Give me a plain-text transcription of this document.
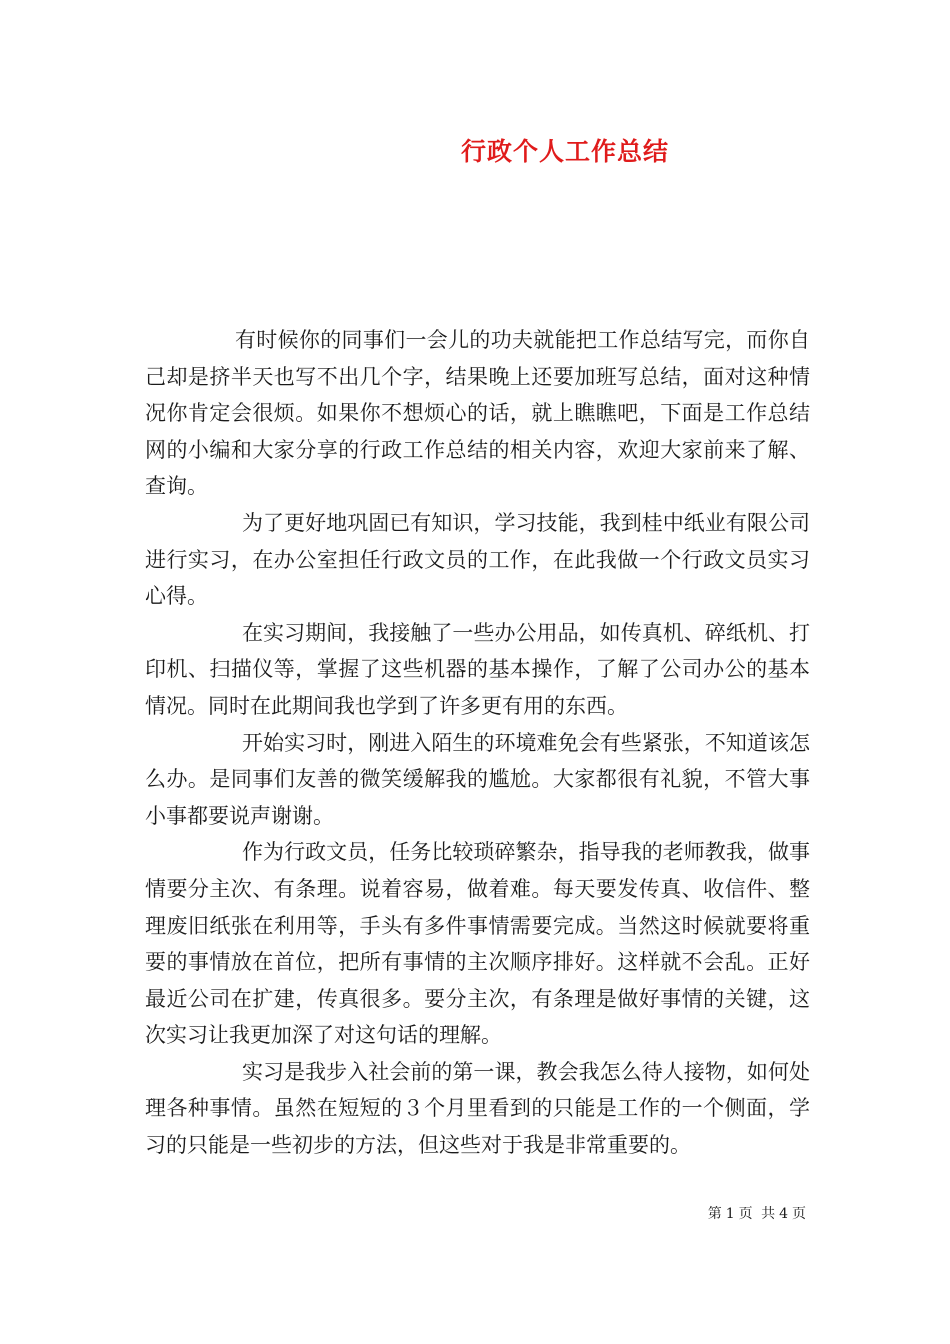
行政个人工作总结

有时候你的同事们一会儿的功夫就能把工作总结写完，而你自己却是挤半天也写不出几个字，结果晚上还要加班写总结，面对这种情况你肯定会很烦。如果你不想烦心的话，就上瞧瞧吧，下面是工作总结网的小编和大家分享的行政工作总结的相关内容，欢迎大家前来了解、查询。

为了更好地巩固已有知识，学习技能，我到桂中纸业有限公司进行实习，在办公室担任行政文员的工作，在此我做一个行政文员实习心得。

在实习期间，我接触了一些办公用品，如传真机、碎纸机、打印机、扫描仪等，掌握了这些机器的基本操作，了解了公司办公的基本情况。同时在此期间我也学到了许多更有用的东西。

开始实习时，刚进入陌生的环境难免会有些紧张，不知道该怎么办。是同事们友善的微笑缓解我的尴尬。大家都很有礼貌，不管大事小事都要说声谢谢。

作为行政文员，任务比较琐碎繁杂，指导我的老师教我，做事情要分主次、有条理。说着容易，做着难。每天要发传真、收信件、整理废旧纸张在利用等，手头有多件事情需要完成。当然这时候就要将重要的事情放在首位，把所有事情的主次顺序排好。这样就不会乱。正好最近公司在扩建，传真很多。要分主次，有条理是做好事情的关键，这次实习让我更加深了对这句话的理解。

实习是我步入社会前的第一课，教会我怎么待人接物，如何处理各种事情。虽然在短短的３个月里看到的只能是工作的一个侧面，学习的只能是一些初步的方法，但这些对于我是非常重要的。

第 1 页 共 4 页
